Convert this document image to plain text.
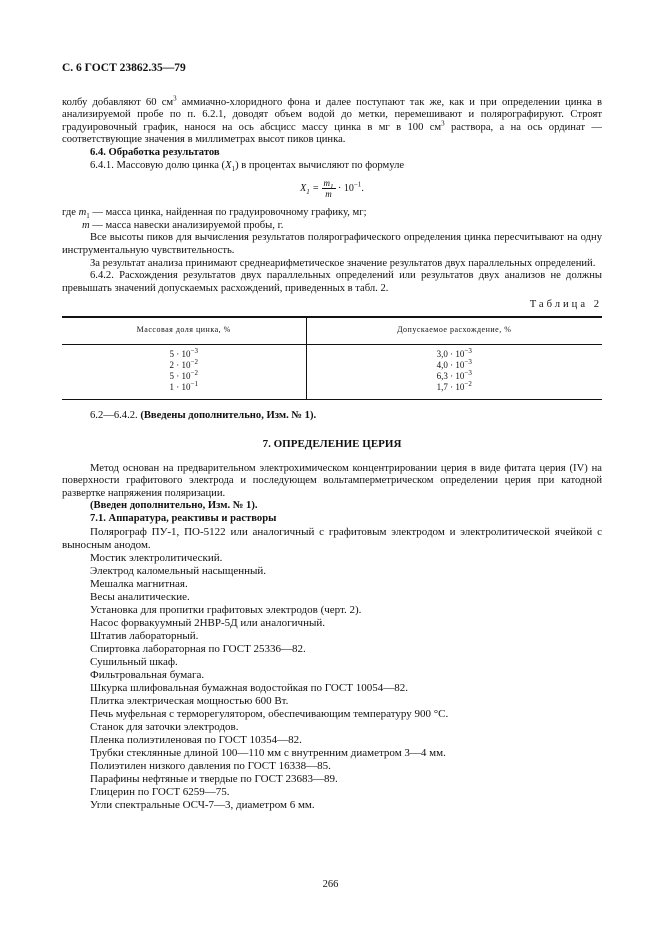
С. 6 ГОСТ 23862.35—79

колбу добавляют 60 $см^3$ аммиачно-хлоридного фона и далее поступают так же, как и при определении цинка в анализируемой пробе по п. 6.2.1, доводят объем водой до метки, перемешивают и полярографируют. Строят градуировочный график, нанося на ось абсцисс массу цинка в мг в 100 $см^3$ раствора, а на ось ординат — соответствующие значения в миллиметрах высот пиков цинка.

6.4. Обработка результатов

6.4.1. Массовую долю цинка $(X_1)$ в процентах вычисляют по формуле

$X_1 = \frac{m_1}{m} \cdot 10^{-1}$.

где $m_1$ — масса цинка, найденная по градуировочному графику, мг;

m — масса навески анализируемой пробы, г.

Все высоты пиков для вычисления результатов полярографического определения цинка пересчитывают на одну инструментальную чувствительность.

За результат анализа принимают среднеарифметическое значение результатов двух параллельных определений.

6.4.2. Расхождения результатов двух параллельных определений или результатов двух анализов не должны превышать значений допускаемых расхождений, приведенных в табл. 2.

Таблица 2
Массовая доля цинка, %	Допускаемое расхождение, %
$5 \cdot 10^{-3}$	$3,0 \cdot 10^{-3}$
$2 \cdot 10^{-2}$	$4,0 \cdot 10^{-3}$
$5 \cdot 10^{-2}$	$6,3 \cdot 10^{-3}$
$1 \cdot 10^{-1}$	$1,7 \cdot 10^{-2}$

6.2—6.4.2. (Введены дополнительно, Изм. № 1).

7. ОПРЕДЕЛЕНИЕ ЦЕРИЯ

Метод основан на предварительном электрохимическом концентрировании церия в виде фитата церия (IV) на поверхности графитового электрода и последующем вольтамперметрическом определении церия при катодной развертке напряжения поляризации.

(Введен дополнительно, Изм. № 1).

7.1. Аппаратура, реактивы и растворы

Полярограф ПУ-1, ПО-5122 или аналогичный с графитовым электродом и электролитической ячейкой с выносным анодом.

Мостик электролитический.

Электрод каломельный насыщенный.

Мешалка магнитная.

Весы аналитические.

Установка для пропитки графитовых электродов (черт. 2).

Насос форвакуумный 2НВР-5Д или аналогичный.

Штатив лабораторный.

Спиртовка лабораторная по ГОСТ 25336—82.

Сушильный шкаф.

Фильтровальная бумага.

Шкурка шлифовальная бумажная водостойкая по ГОСТ 10054—82.

Плитка электрическая мощностью 600 Вт.

Печь муфельная с терморегулятором, обеспечивающим температуру 900 °С.

Станок для заточки электродов.

Пленка полиэтиленовая по ГОСТ 10354—82.

Трубки стеклянные длиной 100—110 мм с внутренним диаметром 3—4 мм.

Полиэтилен низкого давления по ГОСТ 16338—85.

Парафины нефтяные и твердые по ГОСТ 23683—89.

Глицерин по ГОСТ 6259—75.

Угли спектральные ОСЧ-7—3, диаметром 6 мм.

266
